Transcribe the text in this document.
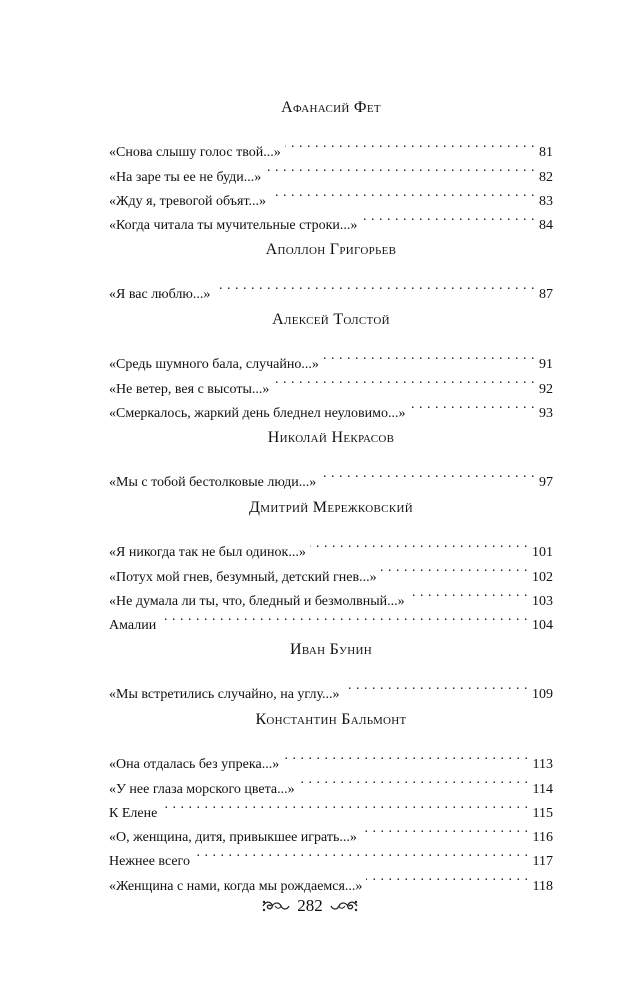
Афанасий Фет
«Снова слышу голос твой...» . . .	81
«На заре ты ее не буди...» . . .	82
«Жду я, тревогой объят...» . . .	83
«Когда читала ты мучительные строки...» . . .	84
Аполлон Григорьев
«Я вас люблю...» . . .	87
Алексей Толстой
«Средь шумного бала, случайно...» . . .	91
«Не ветер, вея с высоты...» . . .	92
«Смеркалось, жаркий день бледнел неуловимо...» . . .	93
Николай Некрасов
«Мы с тобой бестолковые люди...» . . .	97
Дмитрий Мережковский
«Я никогда так не был одинок...» . . .	101
«Потух мой гнев, безумный, детский гнев...» . . .	102
«Не думала ли ты, что, бледный и безмолвный...» . . .	103
Амалии . . .	104
Иван Бунин
«Мы встретились случайно, на углу...» . . .	109
Константин Бальмонт
«Она отдалась без упрека...» . . .	113
«У нее глаза морского цвета...» . . .	114
К Елене . . .	115
«О, женщина, дитя, привыкшее играть...» . . .	116
Нежнее всего . . .	117
«Женщина с нами, когда мы рождаемся...» . . .	118
282
